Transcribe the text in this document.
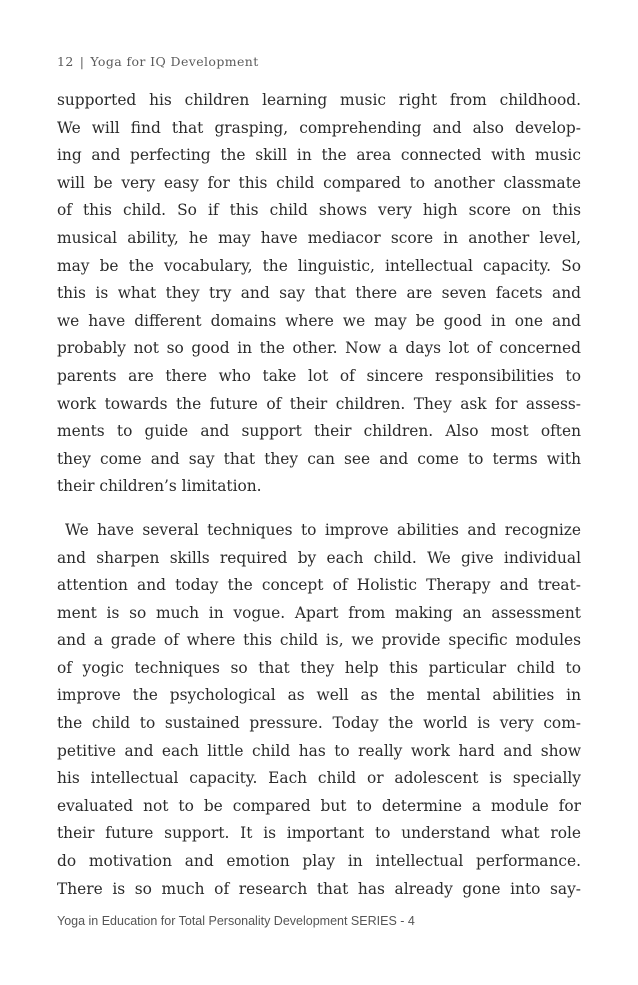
12 | Yoga for IQ Development
supported his children learning music right from childhood.
We will find that grasping, comprehending and also develop-
ing and perfecting the skill in the area connected with music
will be very easy for this child compared to another classmate
of this child. So if this child shows very high score on this
musical ability, he may have mediacor score in another level,
may be the vocabulary, the linguistic, intellectual capacity. So
this is what they try and say that there are seven facets and
we have different domains where we may be good in one and
probably not so good in the other. Now a days lot of concerned
parents are there who take lot of sincere responsibilities to
work towards the future of their children. They ask for assess-
ments to guide and support their children. Also most often
they come and say that they can see and come to terms with
their children’s limitation.
We have several techniques to improve abilities and recognize
and sharpen skills required by each child. We give individual
attention and today the concept of Holistic Therapy and treat-
ment is so much in vogue. Apart from making an assessment
and a grade of where this child is, we provide specific modules
of yogic techniques so that they help this particular child to
improve the psychological as well as the mental abilities in
the child to sustained pressure. Today the world is very com-
petitive and each little child has to really work hard and show
his intellectual capacity. Each child or adolescent is specially
evaluated not to be compared but to determine a module for
their future support. It is important to understand what role
do motivation and emotion play in intellectual performance.
There is so much of research that has already gone into say-
Yoga in Education for Total Personality Development SERIES - 4
